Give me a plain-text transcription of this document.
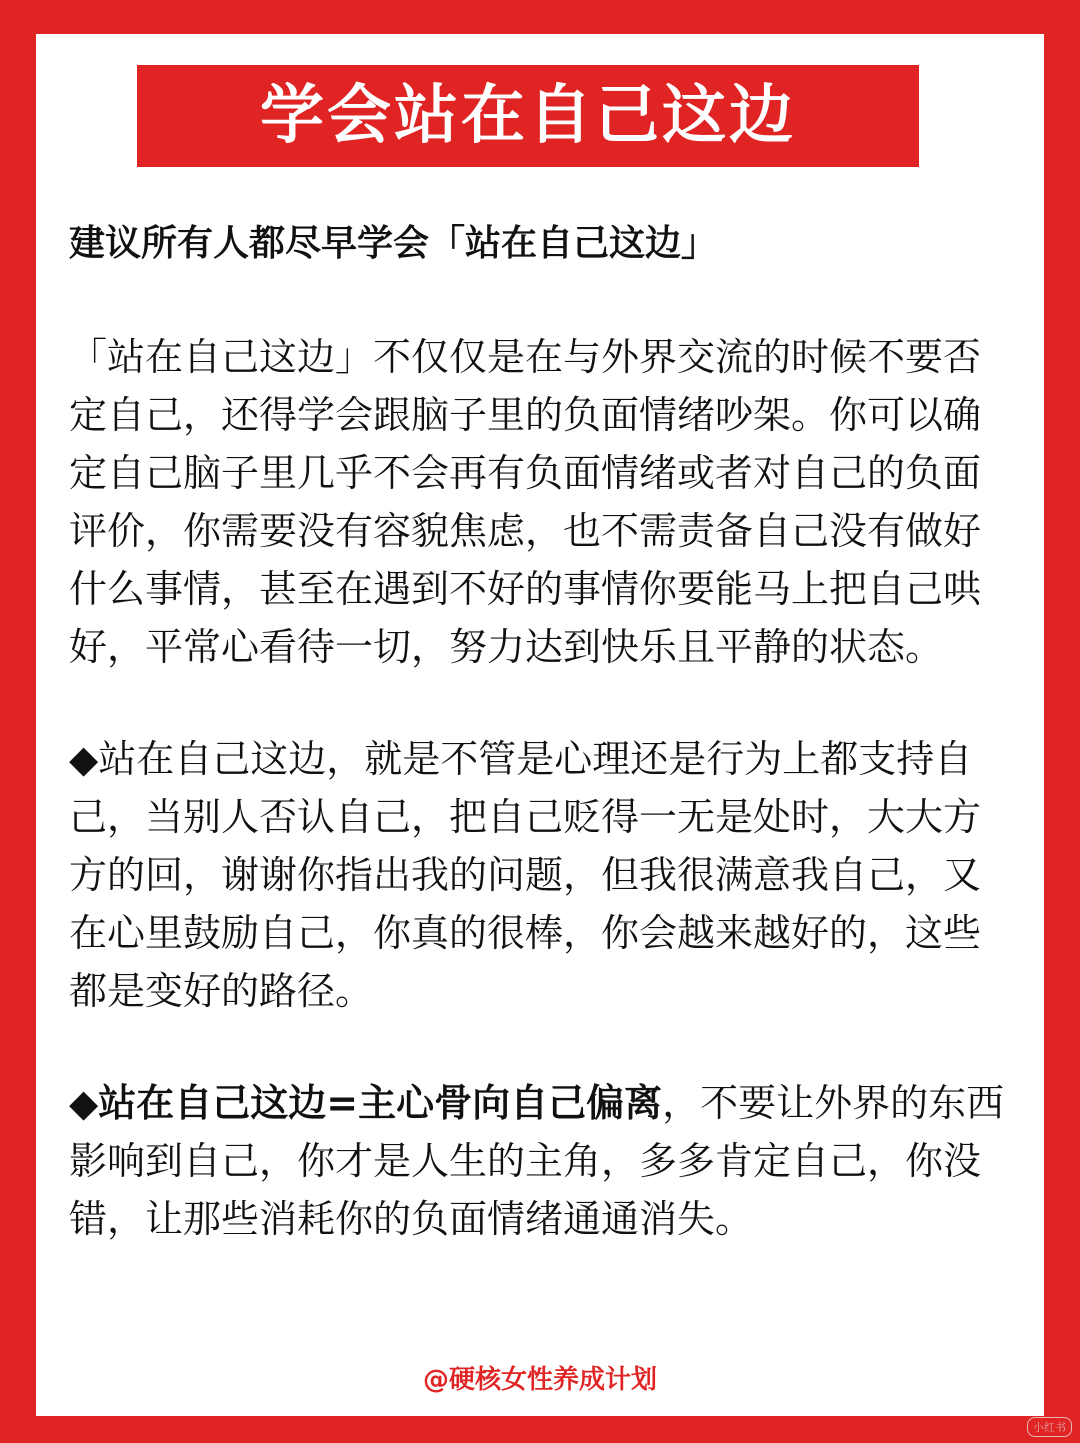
学会站在自己这边

建议所有人都尽早学会「站在自己这边」

「站在自己这边」不仅仅是在与外界交流的时候不要否定自己，还得学会跟脑子里的负面情绪吵架。你可以确定自己脑子里几乎不会再有负面情绪或者对自己的负面评价，你需要没有容貌焦虑，也不需责备自己没有做好什么事情，甚至在遇到不好的事情你要能马上把自己哄好，平常心看待一切，努力达到快乐且平静的状态。

◆站在自己这边，就是不管是心理还是行为上都支持自己，当别人否认自己，把自己贬得一无是处时，大大方方的回，谢谢你指出我的问题，但我很满意我自己，又在心里鼓励自己，你真的很棒，你会越来越好的，这些都是变好的路径。

◆站在自己这边=主心骨向自己偏离，不要让外界的东西影响到自己，你才是人生的主角，多多肯定自己，你没错，让那些消耗你的负面情绪通通消失。

@硬核女性养成计划
小红书
